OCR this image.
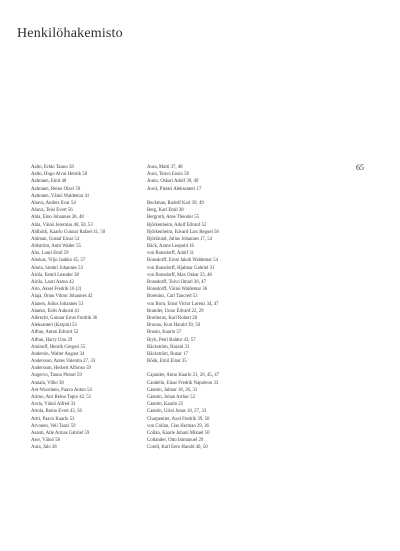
Henkilöhakemisto
65
Aalto, Erkki Tauno 58
Aalto, Hugo Alvar Henrik 50
Aaltonen, Emil 48
Aaltonen, Reino Olavi 59
Aaltonen, Väinö Waldemar 41
Ahava, Anders Ilvar 54
Ahava, Teisi Evert 56
Ahla, Eino Johannes 38, 48
Ahla, Väinö Jeremias 40, 50, 53
Ahlbäck, Kaarlo Gunnar Rafael 41, 50
Ahlman, Gustaf Einar 54
Ahlström, Antti Walter 55
Aho, Lauri Emil 59
Ahokas, Viljo Jaakko 45, 57
Ahola, Simbri Johannes 53
Airila, Eemil Leander 38
Airila, Lauri Aarno 42
Airo, Aksel Fredrik 16 (2)
Alaja, Onnu Viktor Johannes 42
Alanen, Julius Johannes 53
Alanko, Eelis Aukusti 41
Albrecht, Gunnar Ernst Fredrik 36
Aleksanteri (Karpin) 53
Alftan, Anton Edvard 52
Alftan, Harry Uno 29
Aminoff, Henrik Gregori 55
Andersin, Walter August 34
Andersson, Antes Valentin 27, 33
Andersson, Herbert Alfonso 59
Angervo, Tauno Pietari 59
Annala, Vilho 38
Ant-Wuorinen, Paavo Anton 54
Arimo, Atri Reino Tapio 42, 51
Arola, Väinö Alfred 33
Artola, Reino Evert 43, 56
Artti, Paavo Kaarlo 53
Arvonen, Veli Taavi 59
Asanti, Atle Armas Gabriel 59
Aser, Väinö 58
Aura, Jalo 38
Aura, Matti 37, 48
Aura, Teuvo Ensio 58
Autio, Oskari Adolf 39, 49
Auvä, Pietari Aleksanteri 17
Beckman, Rudolf Karl 39, 49
Berg, Karl Emil 38
Bergroth, Arne Theodor 55
Björkenheim, Adolf Edvard 52
Björkenheim, Edvard Lars Reguel 58
Björklund, Julius Johannes 17, 54
Bäck, Aarne Leopold 16
von Bonsdorff, Adolf 31
Bonsdorff, Ernst Jakob Waldemar 54
von Bonsdorff, Hjalmar Gabriel 31
von Bonsdorff, Max Oskar 33, 48
Bonsdorff, Toivo Ilmari 36, 47
Bonsdorff, Väinö Waldemar 36
Borenius, Carl Tancred 53
von Born, Ernst Victor Lorenz 34, 47
Brander, Uuno Edvard 22, 29
Brotherus, Karl Robert 26
Brunou, Kurt Harald 39, 50
Brusin, Kaarlo 57
Bryk, Petri Baldur 43, 57
Bäckström, Harald 33
Bäckström, Runar 17
Böök, Emil Einar 35
Cajander, Aimo Kaarlo 21, 26, 45, 47
Candelin, Einar Fredrik Napoleon 33
Castrén, Jalmar 18, 26, 31
Castrén, Johan Arthur 52
Castrén, Kaarlo 25
Castrén, Uriel Jonas 18, 27, 33
Charpentier, Axel Fredrik 39, 50
von Collan, Clas Herman 29, 36
Collan, Kaarle Juhani Mikael 50
Collander, Otto Immanuel 29
Corell, Karl Eero Harald 40, 50
